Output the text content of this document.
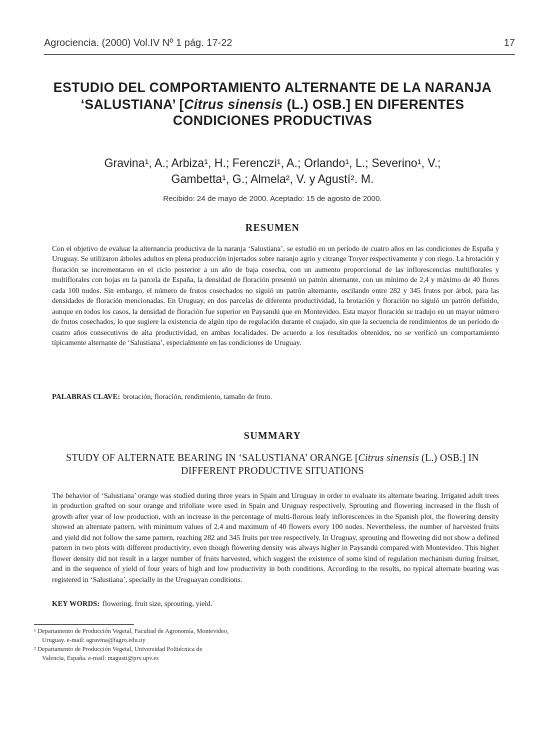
Agrociencia. (2000) Vol.IV Nº 1 pág. 17-22	17
ESTUDIO DEL COMPORTAMIENTO ALTERNANTE DE LA NARANJA
‘SALUSTIANA’ [Citrus sinensis (L.) OSB.] EN DIFERENTES
CONDICIONES PRODUCTIVAS
Gravina¹, A.; Arbiza¹, H.; Ferenczi¹, A.; Orlando¹, L.; Severino¹, V.;
Gambetta¹, G.; Almela², V. y Agustí². M.
Recibido: 24 de mayo de 2000. Aceptado: 15 de agosto de 2000.
RESUMEN
Con el objetivo de evaluar la alternancia productiva de la naranja ‘Salustiana’, se estudió en un período de cuatro años en las condiciones de España y Uruguay. Se utilizaron árboles adultos en plena producción injertados sobre naranjo agrio y citrange Troyer respectivamente y con riego. La brotación y floración se incrementaron en el ciclo posterior a un año de baja cosecha, con un aumento proporcional de las inflorescencias multiflorales y multiflorales con hojas en la parcela de España, la densidad de floración presentó un patrón alternante, con un mínimo de 2,4 y máximo de 40 flores cada 100 nudos. Sin embargo, el número de frutos cosechados no siguió un patrón alternante, oscilando entre 282 y 345 frutos por árbol, para las densidades de floración mencionadas. En Uruguay, en dos parcelas de diferente productividad, la brotación y floración no siguió un patrón definido, aunque en todos los casos, la densidad de floración fue superior en Paysandú que en Montevideo. Esta mayor floración se tradujo en un mayor número de frutos cosechados, lo que sugiere la existencia de algún tipo de regulación durante el cuajado, sin que la secuencia de rendimientos de un período de cuatro años consecutivos de alta productividad, en ambas localidades. De acuerdo a los resultados obtenidos, no se verificó un comportamiento típicamente alternante de ‘Salustiana’, especialmente en las condiciones de Uruguay.
PALABRAS CLAVE: brotación, floración, rendimiento, tamaño de fruto.
SUMMARY
STUDY OF ALTERNATE BEARING IN ‘SALUSTIANA’ ORANGE [Citrus sinensis (L.) OSB.] IN DIFFERENT PRODUCTIVE SITUATIONS
The behavior of ‘Salustiana’ orange was studied during three years in Spain and Uruguay in order to evaluate its alternate bearing. Irrigated adult trees in production grafted on sour orange and trifoliate were used in Spain and Uruguay respectively. Sprouting and flowering increased in the flush of growth after year of low production, with an increase in the percentage of multi-florous leafy inflorescences in the Spanish plot, the flowering density showed an alternate pattern, with minimum values of 2.4 and maximum of 40 flowers every 100 nodes. Nevertheless, the number of harvested fruits and yield did not follow the same pattern, reaching 282 and 345 fruits per tree respectively. In Uruguay, sprouting and flowering did not show a defined pattern in two plots with different productivity, even though flowering density was always higher in Paysandú compared with Montevideo. This higher flower density did not result in a larger number of fruits harvested, which suggest the existence of some kind of regulation mechanism during fruitset, and in the sequence of yield of four years of high and low productivity in both conditions. According to the results, no typical alternate bearing was registered in ‘Salustiana’, specially in the Uruguayan conditions.
KEY WORDS: flowering, fruit size, sprouting, yield.

¹ Departamento de Producción Vegetal, Facultad de Agronomía, Montevideo,
Uruguay. e-mail: agravina@fagro.edu.uy

² Departamento de Producción Vegetal, Universidad Politécnica de
Valencia, España. e-mail: magusti@prv.upv.es
